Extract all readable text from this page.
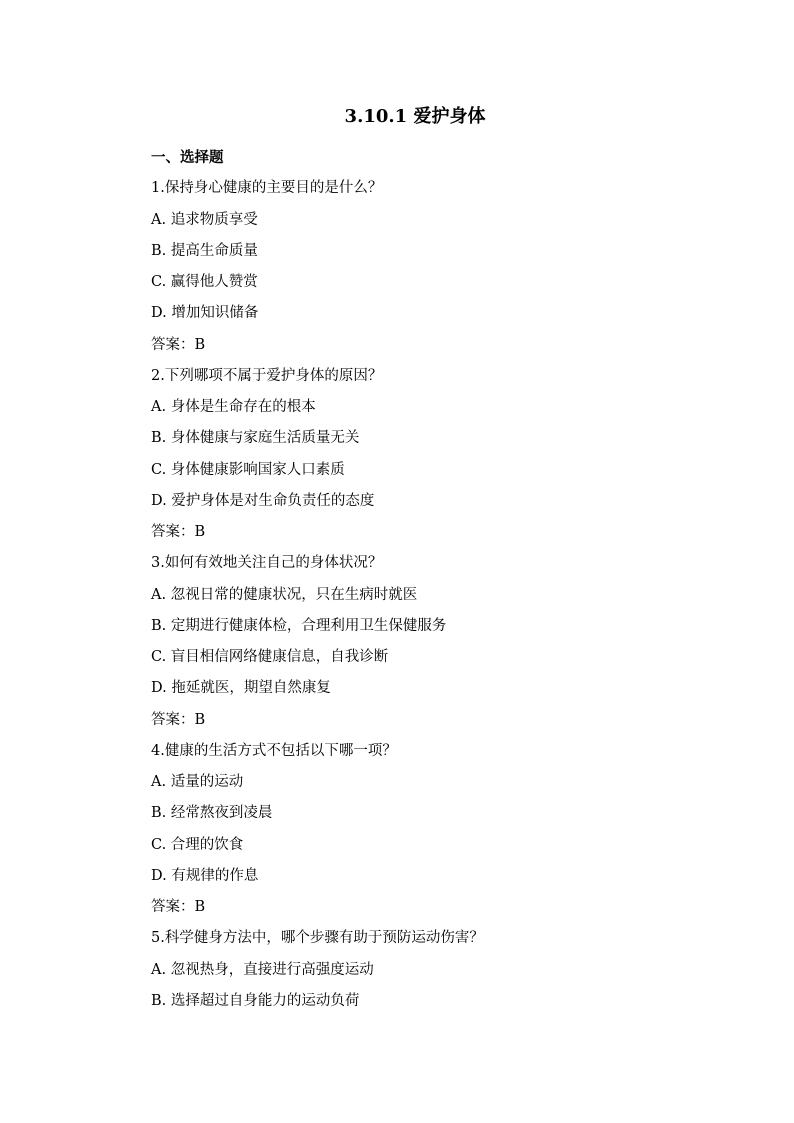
3.10.1 爱护身体
一、选择题
1.保持身心健康的主要目的是什么？
A. 追求物质享受
B. 提高生命质量
C. 赢得他人赞赏
D. 增加知识储备
答案：B
2.下列哪项不属于爱护身体的原因？
A. 身体是生命存在的根本
B. 身体健康与家庭生活质量无关
C. 身体健康影响国家人口素质
D. 爱护身体是对生命负责任的态度
答案：B
3.如何有效地关注自己的身体状况？
A. 忽视日常的健康状况，只在生病时就医
B. 定期进行健康体检，合理利用卫生保健服务
C. 盲目相信网络健康信息，自我诊断
D. 拖延就医，期望自然康复
答案：B
4.健康的生活方式不包括以下哪一项？
A. 适量的运动
B. 经常熬夜到凌晨
C. 合理的饮食
D. 有规律的作息
答案：B
5.科学健身方法中，哪个步骤有助于预防运动伤害？
A. 忽视热身，直接进行高强度运动
B. 选择超过自身能力的运动负荷
